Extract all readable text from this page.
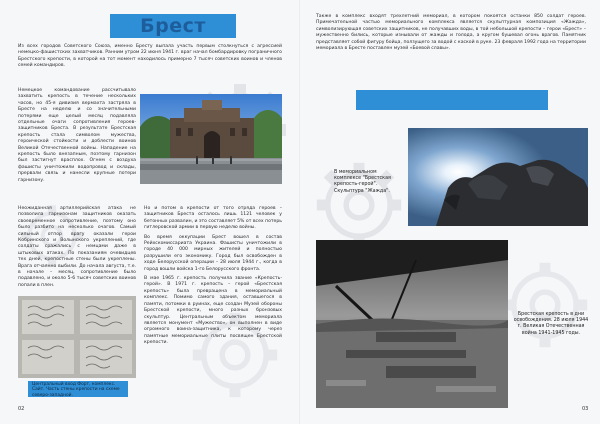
Брест
Из всех городов Советского Союза, именно Бресту выпала участь первым столкнуться с агрессией немецко-фашистских захватчиков. Ранним утром 22 июня 1941 г. враг начал бомбардировку пограничного Брестского крепости, в которой на тот момент находилось примерно 7 тысяч советских воинов и членов семей командиров.
Немецкое командование рассчитывало захватить крепость в течение нескольких часов, но 45-я дивизия вермахта застряла в Бресте на неделю и со значительными потерями еще целый месяц подавляла отдельные очаги сопротивления героев-защитников Бреста. В результате Брестская крепость стала символом мужества, героической стойкости и доблести воинов Великой Отечественной войны. Нападение на крепость было внезапным, поэтому гарнизон был застигнут врасплох. Огнем с воздуха фашисты уничтожили водопровод и склады, прервали связь и нанесли крупные потери гарнизону.
Неожиданная артиллерийская атака не позволила гарнизонам защитников оказать своевременное сопротивление, поэтому оно было разбито на несколько очагов. Самый сильный отпор врагу оказали герои Кобринского и Волынского укреплений, где солдаты сражались с немцами даже в штыковых атаках. По показаниям очевидцев тех дней, крепостные стены были укреплены. Врага отчаянно выбили. До начала августа, т.е. в начале – месяц, сопротивление было подавлено, и около 5-6 тысяч советских воинов попали в плен.

Но и потом в крепости от того отряда героев – защитников Бреста осталось лишь 1121 человек у бетонных развалин, и это составляет 5% от всех потерь гитлеровской армии в первую неделю войны.

Во время оккупации Брест вошел в состав Рейхскомиссариата Украина. Фашисты уничтожили в городе 40 000 мирных жителей и полностью разрушили его экономику. Город был освобожден в ходе Белорусской операции – 28 июля 1944 г., когда в город вошли войска 1-го Белорусского фронта.

В мае 1965 г. крепость получила звание «Крепость-герой». В 1971 г. крепость – герой «Брестская крепость» была превращена в мемориальный комплекс. Помимо самого здания, оставшегося в памяти, потомки в руинах, еще создан Музей обороны Брестской крепости, много разных бронзовых скульптур. Центральным объектом мемориала является монумент «Мужество», он выполнен в виде огромного воина-защитника, к которому через памятные мемориальные плиты посвящен Брестской крепости.

Центральный вход Форт, комплекс. Сайт. Часть стены крепости на схеме северо-западной.
02
Также в комплекс входят трехлетний мемориал, в котором покоятся останки 850 солдат героев. Примечательной частью мемориального комплекса является скульптурная композиция «Жажда», символизирующая советских защитников, не получавших воды, в той небольшой крепости – герои «Брест» – мужественно бились, которые изнывали от жажды и голода, а кругом бушевал огонь врагов. Памятник представляет собой фигуру бойца, ползущего за водой с каской в руке. 23 февраля 1992 года на территории мемориала в Бресте поставлен музей «Боевой славы».
В мемориальном комплексе "Брестская крепость-герой". Скульптура "Жажда".
Брестская крепость в дни освобождения. 28 июля 1944 г. Великая Отечественная война 1941-1945 годы.
03
